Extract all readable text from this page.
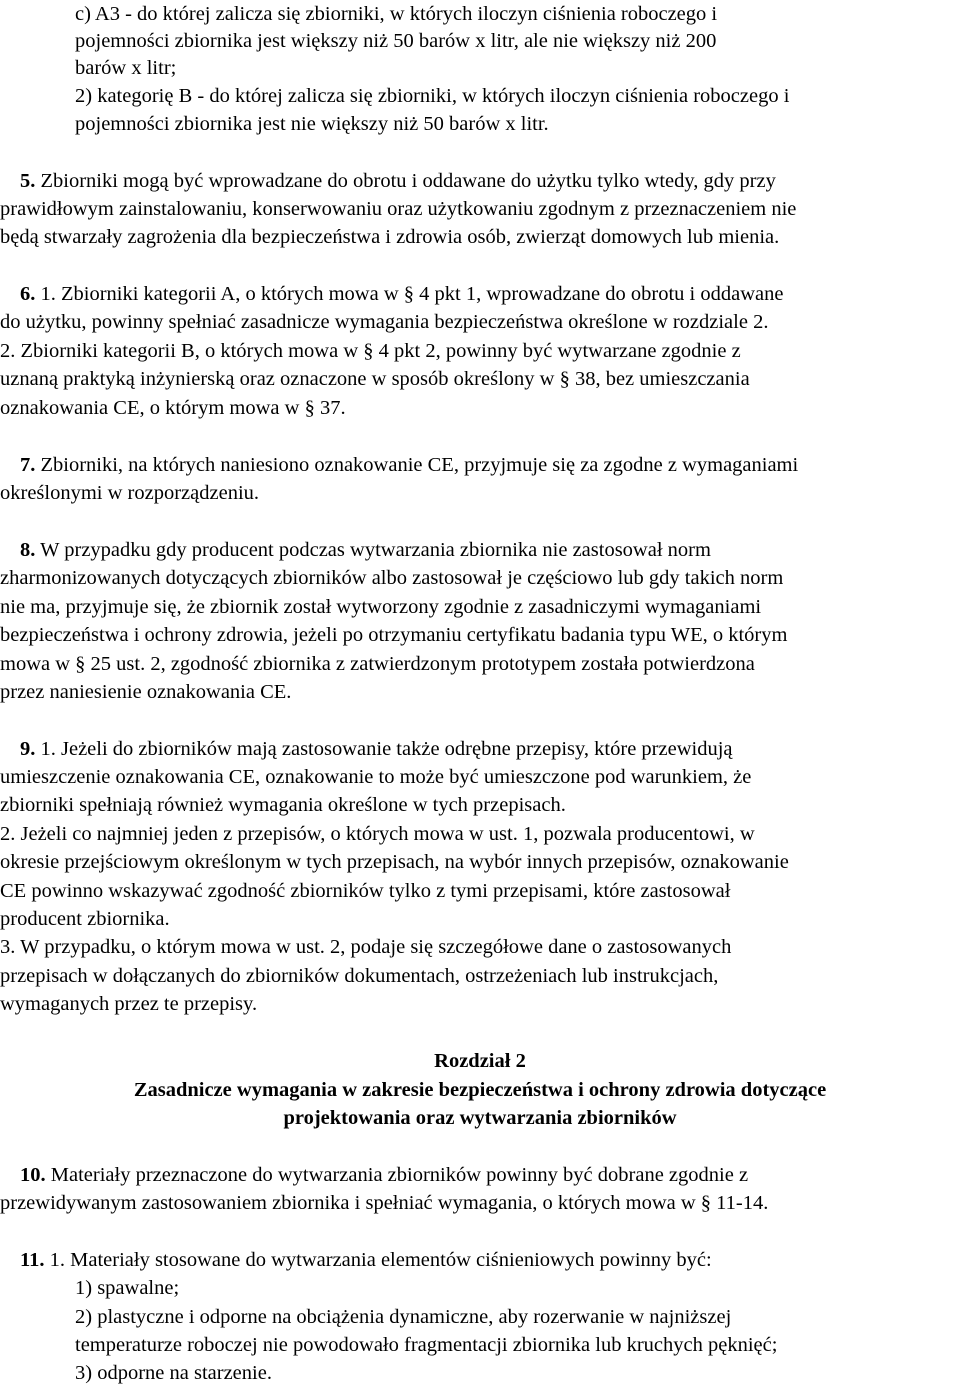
c) A3 - do której zalicza się zbiorniki, w których iloczyn ciśnienia roboczego i
pojemności zbiornika jest większy niż 50 barów x litr, ale nie większy niż 200
barów x litr;
2) kategorię B - do której zalicza się zbiorniki, w których iloczyn ciśnienia roboczego i
pojemności zbiornika jest nie większy niż 50 barów x litr.
5. Zbiorniki mogą być wprowadzane do obrotu i oddawane do użytku tylko wtedy, gdy przy
prawidłowym zainstalowaniu, konserwowaniu oraz użytkowaniu zgodnym z przeznaczeniem nie
będą stwarzały zagrożenia dla bezpieczeństwa i zdrowia osób, zwierząt domowych lub mienia.
6. 1. Zbiorniki kategorii A, o których mowa w § 4 pkt 1, wprowadzane do obrotu i oddawane
do użytku, powinny spełniać zasadnicze wymagania bezpieczeństwa określone w rozdziale 2.
2. Zbiorniki kategorii B, o których mowa w § 4 pkt 2, powinny być wytwarzane zgodnie z
uznaną praktyką inżynierską oraz oznaczone w sposób określony w § 38, bez umieszczania
oznakowania CE, o którym mowa w § 37.
7. Zbiorniki, na których naniesiono oznakowanie CE, przyjmuje się za zgodne z wymaganiami
określonymi w rozporządzeniu.
8. W przypadku gdy producent podczas wytwarzania zbiornika nie zastosował norm
zharmonizowanych dotyczących zbiorników albo zastosował je częściowo lub gdy takich norm
nie ma, przyjmuje się, że zbiornik został wytworzony zgodnie z zasadniczymi wymaganiami
bezpieczeństwa i ochrony zdrowia, jeżeli po otrzymaniu certyfikatu badania typu WE, o którym
mowa w § 25 ust. 2, zgodność zbiornika z zatwierdzonym prototypem została potwierdzona
przez naniesienie oznakowania CE.
9. 1. Jeżeli do zbiorników mają zastosowanie także odrębne przepisy, które przewidują
umieszczenie oznakowania CE, oznakowanie to może być umieszczone pod warunkiem, że
zbiorniki spełniają również wymagania określone w tych przepisach.
2. Jeżeli co najmniej jeden z przepisów, o których mowa w ust. 1, pozwala producentowi, w
okresie przejściowym określonym w tych przepisach, na wybór innych przepisów, oznakowanie
CE powinno wskazywać zgodność zbiorników tylko z tymi przepisami, które zastosował
producent zbiornika.
3. W przypadku, o którym mowa w ust. 2, podaje się szczegółowe dane o zastosowanych
przepisach w dołączanych do zbiorników dokumentach, ostrzeżeniach lub instrukcjach,
wymaganych przez te przepisy.
Rozdział 2
Zasadnicze wymagania w zakresie bezpieczeństwa i ochrony zdrowia dotyczące
projektowania oraz wytwarzania zbiorników
10. Materiały przeznaczone do wytwarzania zbiorników powinny być dobrane zgodnie z
przewidywanym zastosowaniem zbiornika i spełniać wymagania, o których mowa w § 11-14.
11. 1. Materiały stosowane do wytwarzania elementów ciśnieniowych powinny być:
1) spawalne;
2) plastyczne i odporne na obciążenia dynamiczne, aby rozerwanie w najniższej
temperaturze roboczej nie powodowało fragmentacji zbiornika lub kruchych pęknięć;
3) odporne na starzenie.
